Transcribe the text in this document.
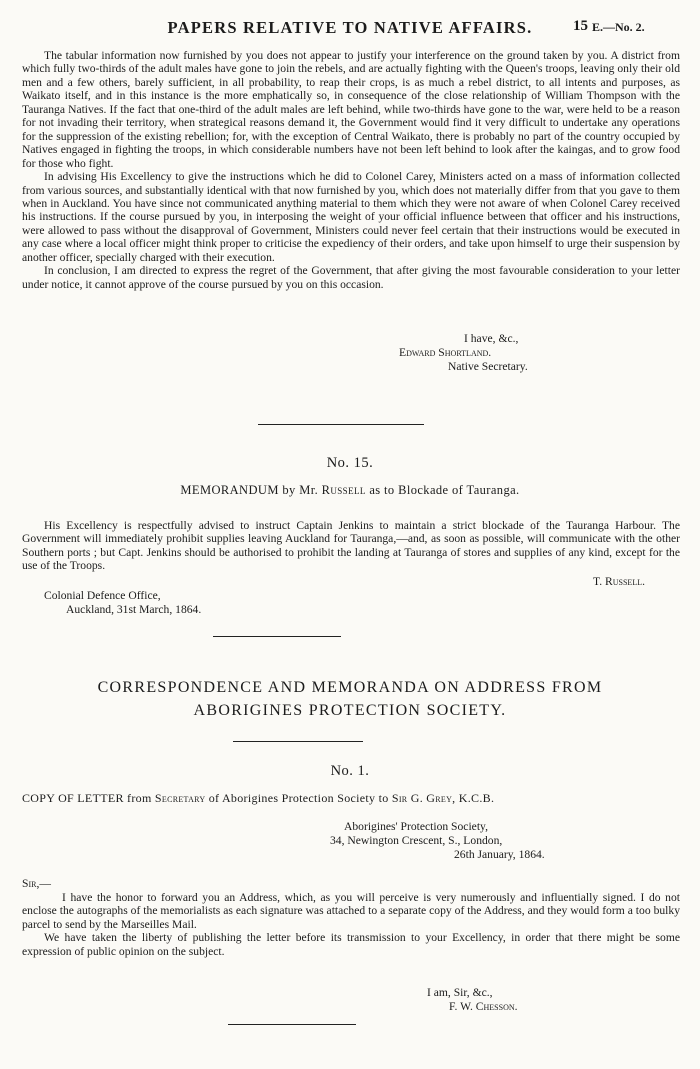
PAPERS RELATIVE TO NATIVE AFFAIRS.	15 E.—No. 2.

The tabular information now furnished by you does not appear to justify your interference on the ground taken by you. A district from which fully two-thirds of the adult males have gone to join the rebels, and are actually fighting with the Queen's troops, leaving only their old men and a few others, barely sufficient, in all probability, to reap their crops, is as much a rebel district, to all intents and purposes, as Waikato itself, and in this instance is the more emphatically so, in consequence of the close relationship of William Thompson with the Tauranga Natives. If the fact that one-third of the adult males are left behind, while two-thirds have gone to the war, were held to be a reason for not invading their territory, when strategical reasons demand it, the Government would find it very difficult to undertake any operations for the suppression of the existing rebellion; for, with the exception of Central Waikato, there is probably no part of the country occupied by Natives engaged in fighting the troops, in which considerable numbers have not been left behind to look after the kaingas, and to grow food for those who fight.

In advising His Excellency to give the instructions which he did to Colonel Carey, Ministers acted on a mass of information collected from various sources, and substantially identical with that now furnished by you, which does not materially differ from that you gave to them when in Auckland. You have since not communicated anything material to them which they were not aware of when Colonel Carey received his instructions. If the course pursued by you, in interposing the weight of your official influence between that officer and his instructions, were allowed to pass without the disapproval of Government, Ministers could never feel certain that their instructions would be executed in any case where a local officer might think proper to criticise the expediency of their orders, and take upon himself to urge their suspension by another officer, specially charged with their execution.

In conclusion, I am directed to express the regret of the Government, that after giving the most favourable consideration to your letter under notice, it cannot approve of the course pursued by you on this occasion.

I have, &c.,
Edward Shortland.
Native Secretary.
No. 15.
MEMORANDUM by Mr. Russell as to Blockade of Tauranga.

His Excellency is respectfully advised to instruct Captain Jenkins to maintain a strict blockade of the Tauranga Harbour. The Government will immediately prohibit supplies leaving Auckland for Tauranga,—and, as soon as possible, will communicate with the other Southern ports ; but Capt. Jenkins should be authorised to prohibit the landing at Tauranga of stores and supplies of any kind, except for the use of the Troops.

T. Russell.
Colonial Defence Office,
Auckland, 31st March, 1864.
CORRESPONDENCE AND MEMORANDA ON ADDRESS FROM
ABORIGINES PROTECTION SOCIETY.
No. 1.
COPY OF LETTER from Secretary of Aborigines Protection Society to Sir G. Grey, K.C.B.
Aborigines' Protection Society,
34, Newington Crescent, S., London,
26th January, 1864.
Sir,—

I have the honor to forward you an Address, which, as you will perceive is very numerously and influentially signed. I do not enclose the autographs of the memorialists as each signature was attached to a separate copy of the Address, and they would form a too bulky parcel to send by the Marseilles Mail.

We have taken the liberty of publishing the letter before its transmission to your Excellency, in order that there might be some expression of public opinion on the subject.

I am, Sir, &c.,
F. W. Chesson.
